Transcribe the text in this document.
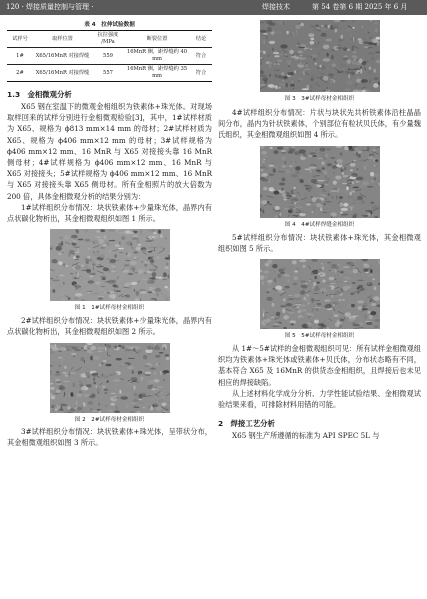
120 · 焊接质量控制与管理 ·	焊接技术	第 54 卷第 6 期 2025 年 6 月

表 4　拉伸试验数据

试样号	取样位置	抗拉强度 /MPa	断裂位置	结论
1#	X65/16MnR 对接焊缝	559	16MnR 侧，距焊缝约 40 mm	符合
2#	X65/16MnR 对接焊缝	557	16MnR 侧，距焊缝约 35 mm	符合

1.3　金相微观分析

X65 钢在室温下的微观金相组织为铁素体+珠光体。对现场取样回来的试样分别进行金相微观检验[3]，其中，1#试样材质为 X65、规格为 ϕ813 mm×14 mm 的母材；2#试样材质为 X65、规格为 ϕ406 mm×12 mm 的母材；3#试样规格为 ϕ406 mm×12 mm、16 MnR 与 X65 对接接头靠 16 MnR 侧母材；4#试样规格为 ϕ406 mm×12 mm、16 MnR 与 X65 对接接头；5#试样规格为 ϕ406 mm×12 mm、16 MnR 与 X65 对接接头靠 X65 侧母材。所有金相照片的放大倍数为 200 倍，具体金相微观分析的结果分别为：

1#试样组织分布情况：块状铁素体+少量珠光体，晶界内有点状碳化物析出，其金相微观组织如图 1 所示。

1

图 1　1#试样母材金相组织

2#试样组织分布情况：块状铁素体+少量珠光体，晶界内有点状碳化物析出，其金相微观组织如图 2 所示。

2

图 2　2#试样母材金相组织

3#试样组织分布情况：块状铁素体+珠光体，呈带状分布，其金相微观组织如图 3 所示。

3

图 3　3#试样母材金相组织

4#试样组织分布情况：片状与块状先共析铁素体沿柱晶晶间分布，晶内为针状铁素体，个别部位有粒状贝氏体，有少量魏氏组织，其金相微观组织如图 4 所示。

4

图 4　4#试样焊缝金相组织

5#试样组织分布情况：块状铁素体+珠光体，其金相微观组织如图 5 所示。

5

图 5　5#试样母材金相组织

从 1#～5#试样的金相微观组织可见：所有试样金相微观组织均为铁素体+珠光体或铁素体+贝氏体，分布状态略有不同，基本符合 X65 及 16MnR 的供货态金相组织，且焊接后也未见相应的焊接缺陷。

从上述材料化学成分分析、力学性能试验结果、金相微观试验结果来看，可排除材料用错的可能。

2　焊接工艺分析

X65 钢生产所遵循的标准为 API SPEC 5L 与
